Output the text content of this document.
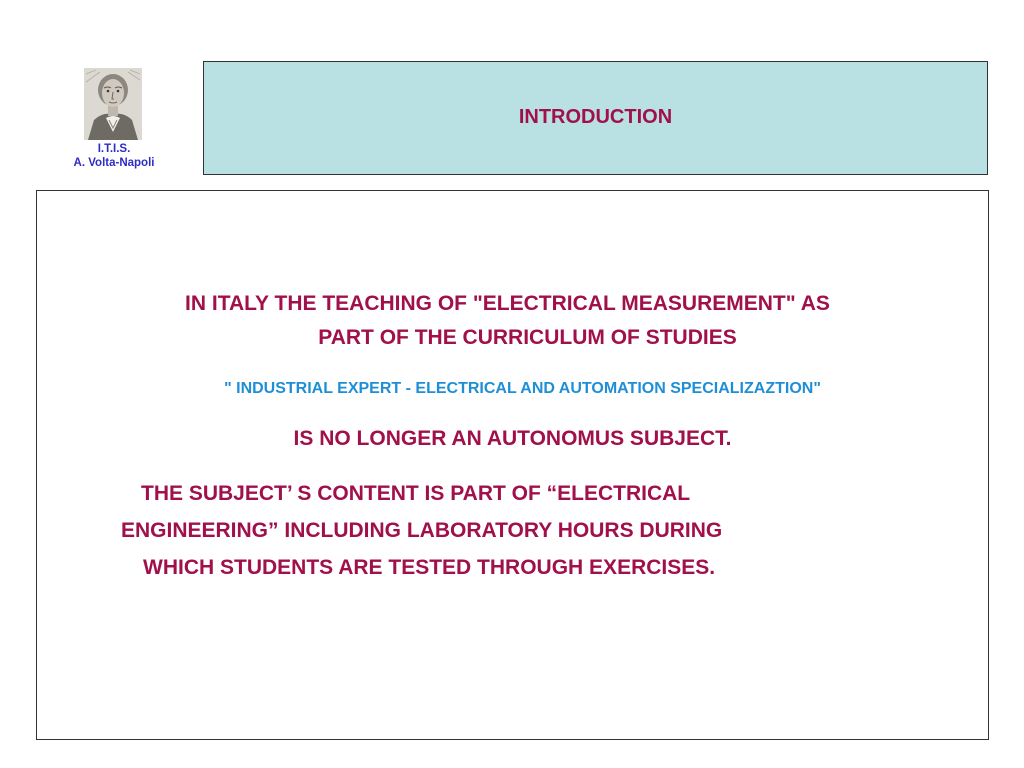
I.T.I.S.
A. Volta-Napoli
INTRODUCTION
IN ITALY THE TEACHING OF "ELECTRICAL MEASUREMENT" AS
PART OF THE CURRICULUM OF STUDIES
" INDUSTRIAL EXPERT - ELECTRICAL AND AUTOMATION SPECIALIZAZTION"
IS NO LONGER AN AUTONOMUS SUBJECT.
THE SUBJECT’ S CONTENT IS PART OF “ELECTRICAL
ENGINEERING” INCLUDING LABORATORY HOURS DURING
WHICH STUDENTS ARE TESTED THROUGH EXERCISES.
